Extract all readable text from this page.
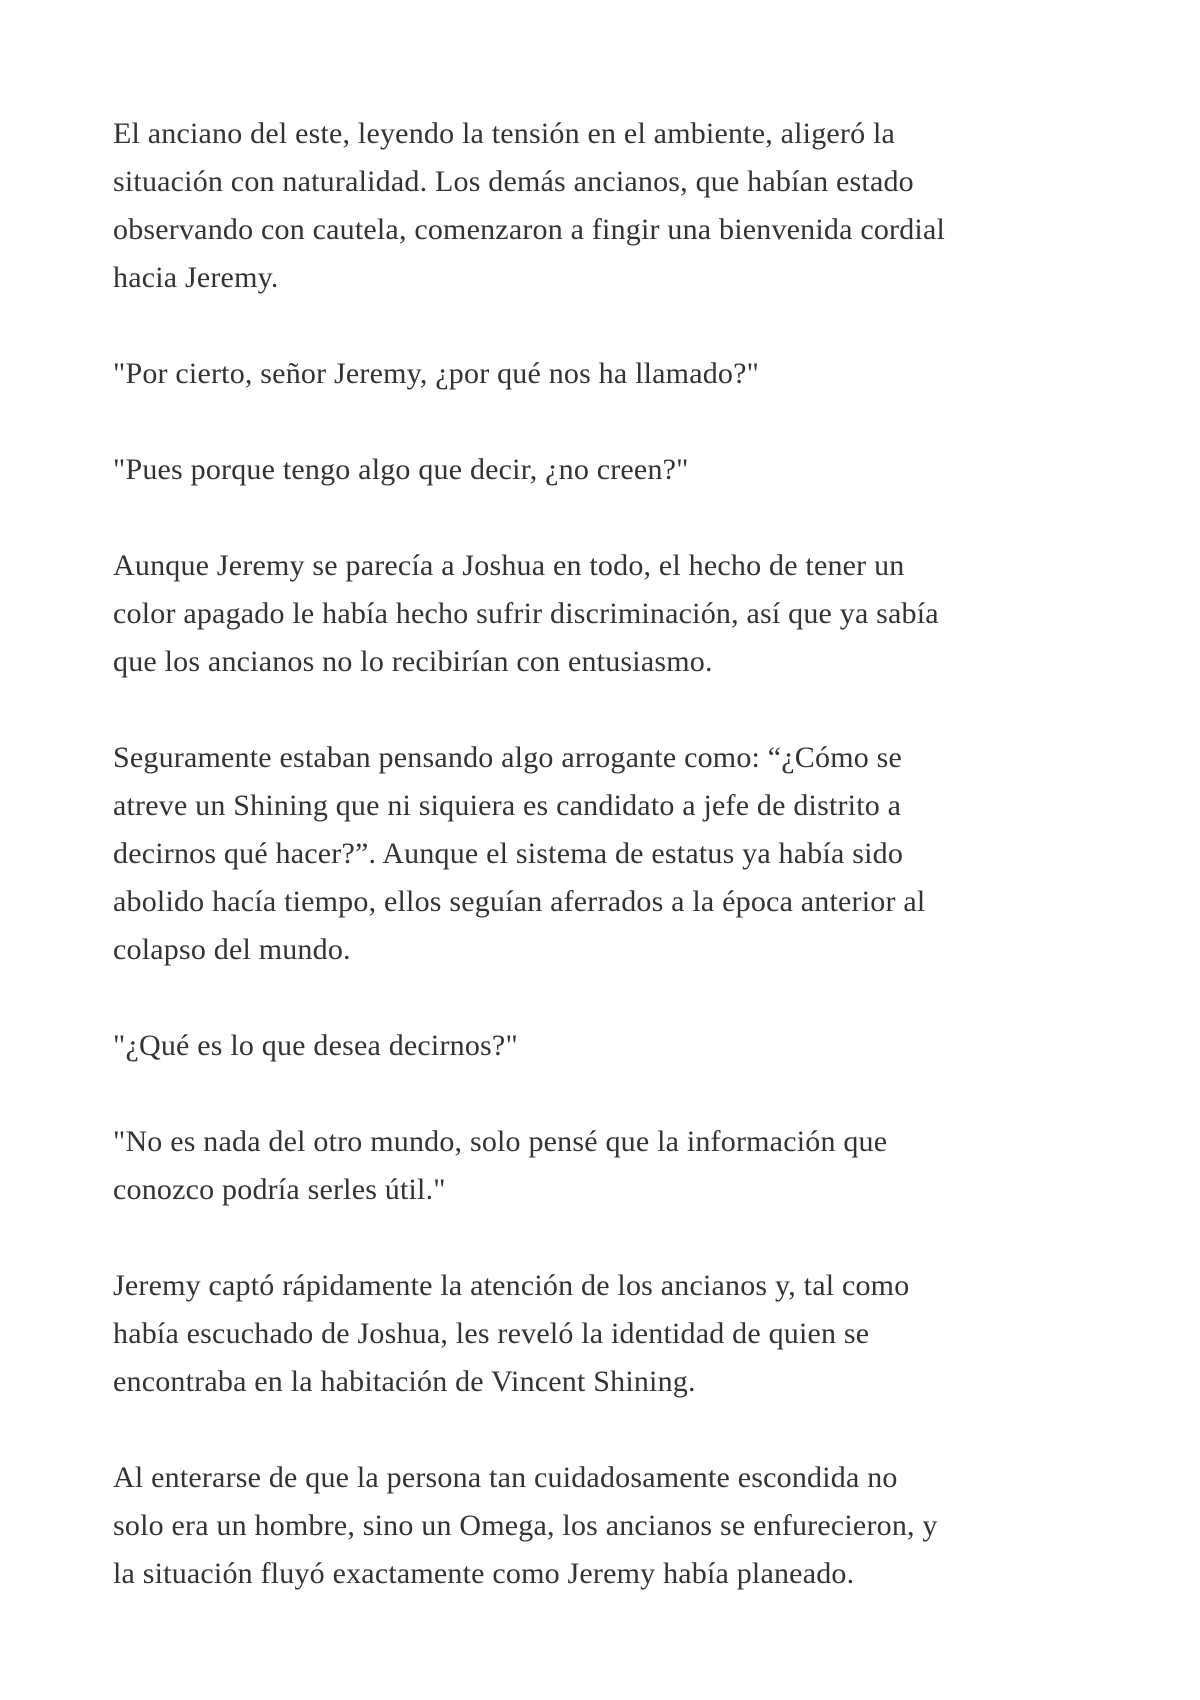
El anciano del este, leyendo la tensión en el ambiente, aligeró la
situación con naturalidad. Los demás ancianos, que habían estado
observando con cautela, comenzaron a fingir una bienvenida cordial
hacia Jeremy.

"Por cierto, señor Jeremy, ¿por qué nos ha llamado?"

"Pues porque tengo algo que decir, ¿no creen?"

Aunque Jeremy se parecía a Joshua en todo, el hecho de tener un
color apagado le había hecho sufrir discriminación, así que ya sabía
que los ancianos no lo recibirían con entusiasmo.

Seguramente estaban pensando algo arrogante como: “¿Cómo se
atreve un Shining que ni siquiera es candidato a jefe de distrito a
decirnos qué hacer?”. Aunque el sistema de estatus ya había sido
abolido hacía tiempo, ellos seguían aferrados a la época anterior al
colapso del mundo.

"¿Qué es lo que desea decirnos?"

"No es nada del otro mundo, solo pensé que la información que
conozco podría serles útil."

Jeremy captó rápidamente la atención de los ancianos y, tal como
había escuchado de Joshua, les reveló la identidad de quien se
encontraba en la habitación de Vincent Shining.

Al enterarse de que la persona tan cuidadosamente escondida no
solo era un hombre, sino un Omega, los ancianos se enfurecieron, y
la situación fluyó exactamente como Jeremy había planeado.
